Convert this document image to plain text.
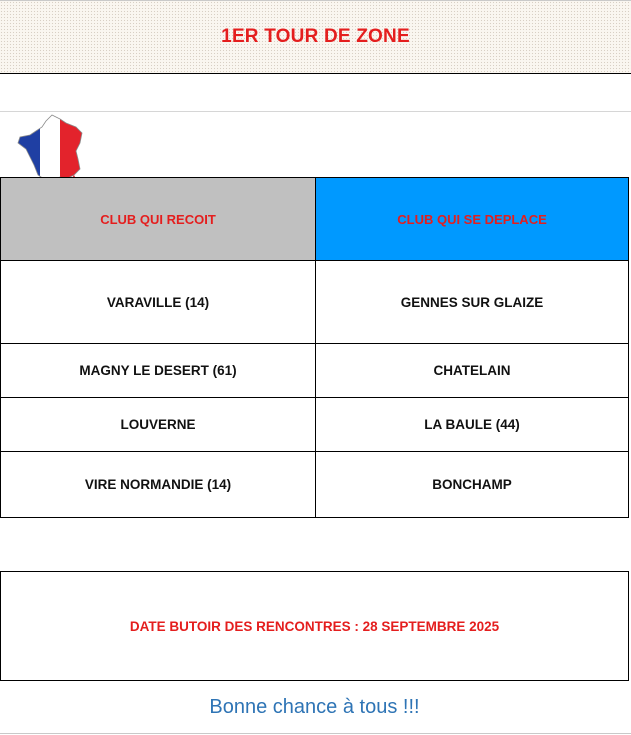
1ER TOUR DE ZONE
CLUB QUI RECOIT	CLUB QUI SE DEPLACE
VARAVILLE (14)	GENNES SUR GLAIZE
MAGNY LE DESERT (61)	CHATELAIN
LOUVERNE	LA BAULE (44)
VIRE NORMANDIE (14)	BONCHAMP
DATE BUTOIR DES RENCONTRES : 28 SEPTEMBRE 2025
Bonne chance à tous !!!
